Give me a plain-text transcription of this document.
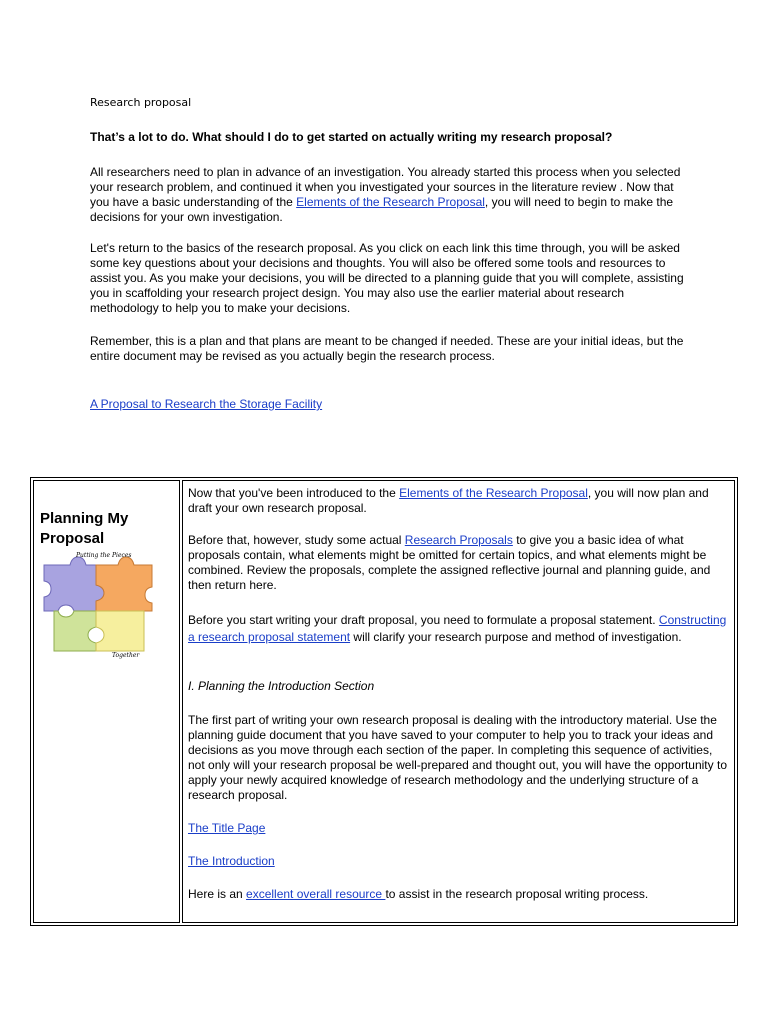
Research proposal

That’s a lot to do. What should I do to get started on actually writing my research proposal?

All researchers need to plan in advance of an investigation. You already started this process when you selected your research problem, and continued it when you investigated your sources in the literature review . Now that you have a basic understanding of the Elements of the Research Proposal, you will need to begin to make the decisions for your own investigation.

Let's return to the basics of the research proposal. As you click on each link this time through, you will be asked some key questions about your decisions and thoughts. You will also be offered some tools and resources to assist you. As you make your decisions, you will be directed to a planning guide that you will complete, assisting you in scaffolding your research project design. You may also use the earlier material about research methodology to help you to make your decisions.

Remember, this is a plan and that plans are meant to be changed if needed. These are your initial ideas, but the entire document may be revised as you actually begin the research process.

A Proposal to Research the Storage Facility

Planning My Proposal

Putting the Pieces
Together

Now that you've been introduced to the Elements of the Research Proposal, you will now plan and draft your own research proposal.

Before that, however, study some actual Research Proposals to give you a basic idea of what proposals contain, what elements might be omitted for certain topics, and what elements might be combined. Review the proposals, complete the assigned reflective journal and planning guide, and then return here.

Before you start writing your draft proposal, you need to formulate a proposal statement. Constructing a research proposal statement will clarify your research purpose and method of investigation.

I. Planning the Introduction Section

The first part of writing your own research proposal is dealing with the introductory material. Use the planning guide document that you have saved to your computer to help you to track your ideas and decisions as you move through each section of the paper. In completing this sequence of activities, not only will your research proposal be well-prepared and thought out, you will have the opportunity to apply your newly acquired knowledge of research methodology and the underlying structure of a research proposal.

The Title Page

The Introduction

Here is an excellent overall resource to assist in the research proposal writing process.
